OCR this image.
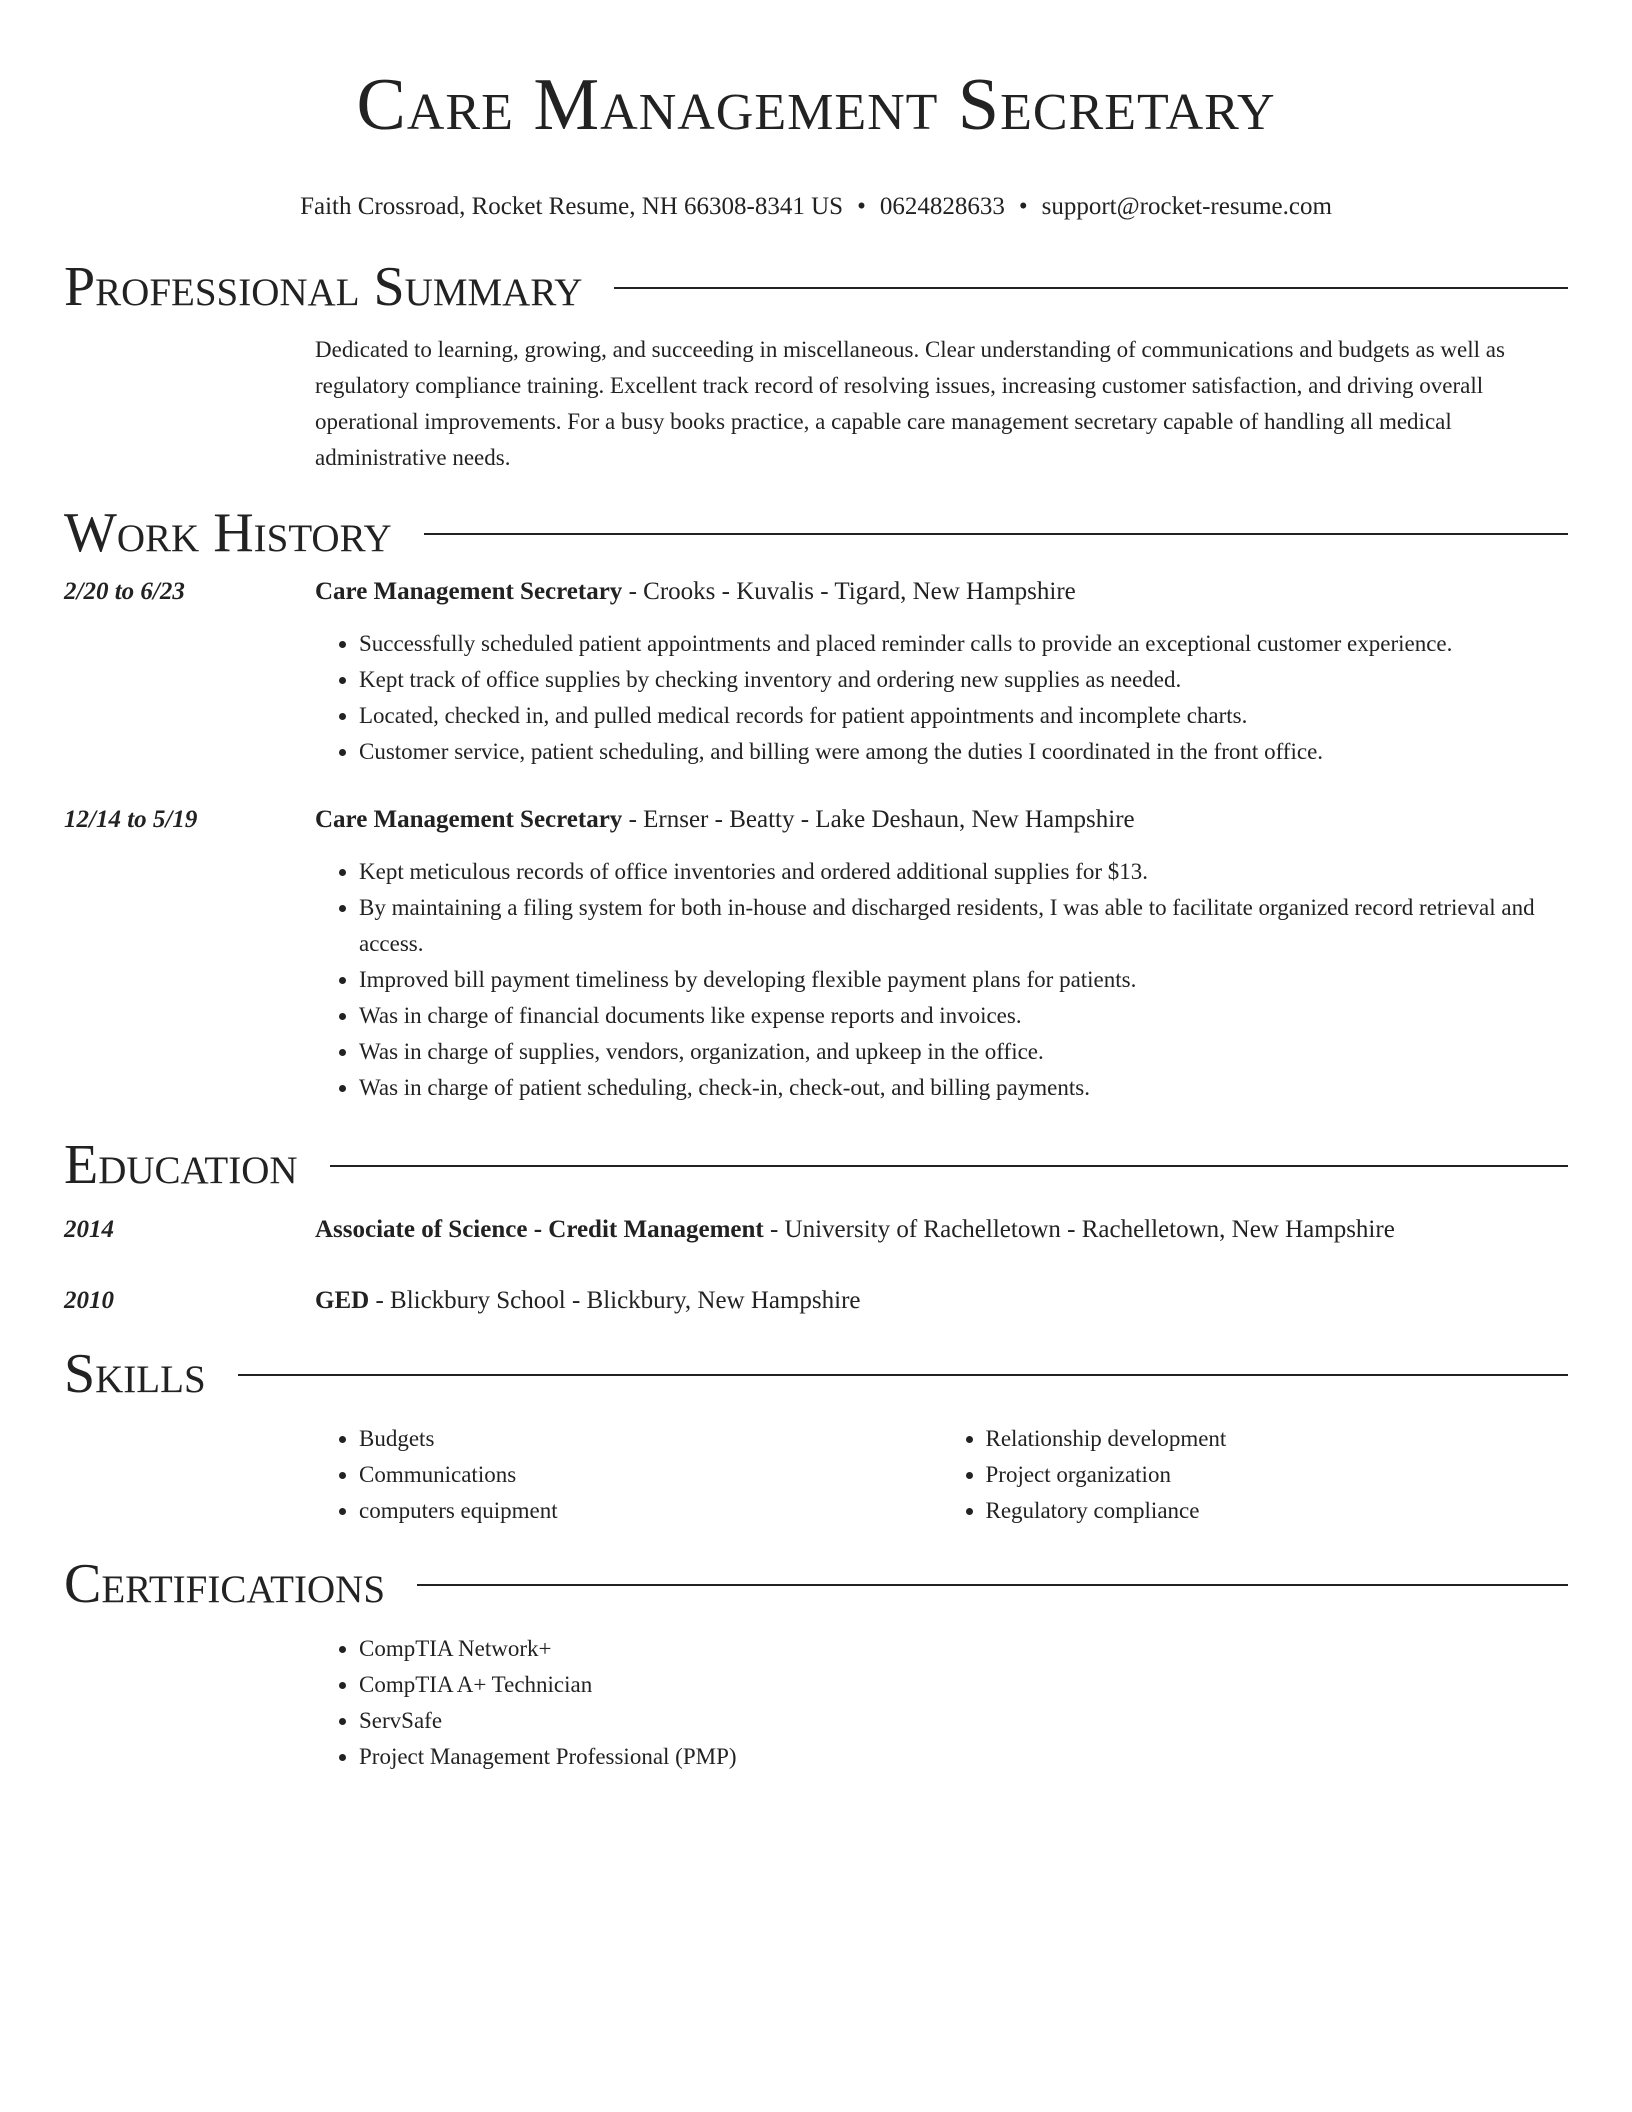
Care Management Secretary
Faith Crossroad, Rocket Resume, NH 66308-8341 US • 0624828633 • support@rocket-resume.com
Professional Summary
Dedicated to learning, growing, and succeeding in miscellaneous. Clear understanding of communications and budgets as well as regulatory compliance training. Excellent track record of resolving issues, increasing customer satisfaction, and driving overall operational improvements. For a busy books practice, a capable care management secretary capable of handling all medical administrative needs.
Work History
2/20 to 6/23	Care Management Secretary - Crooks - Kuvalis - Tigard, New Hampshire
• Successfully scheduled patient appointments and placed reminder calls to provide an exceptional customer experience.
• Kept track of office supplies by checking inventory and ordering new supplies as needed.
• Located, checked in, and pulled medical records for patient appointments and incomplete charts.
• Customer service, patient scheduling, and billing were among the duties I coordinated in the front office.
12/14 to 5/19	Care Management Secretary - Ernser - Beatty - Lake Deshaun, New Hampshire
• Kept meticulous records of office inventories and ordered additional supplies for $13.
• By maintaining a filing system for both in-house and discharged residents, I was able to facilitate organized record retrieval and access.
• Improved bill payment timeliness by developing flexible payment plans for patients.
• Was in charge of financial documents like expense reports and invoices.
• Was in charge of supplies, vendors, organization, and upkeep in the office.
• Was in charge of patient scheduling, check-in, check-out, and billing payments.
Education
2014	Associate of Science - Credit Management - University of Rachelletown - Rachelletown, New Hampshire
2010	GED - Blickbury School - Blickbury, New Hampshire
Skills
• Budgets
• Communications
• computers equipment
• Relationship development
• Project organization
• Regulatory compliance
Certifications
• CompTIA Network+
• CompTIA A+ Technician
• ServSafe
• Project Management Professional (PMP)
